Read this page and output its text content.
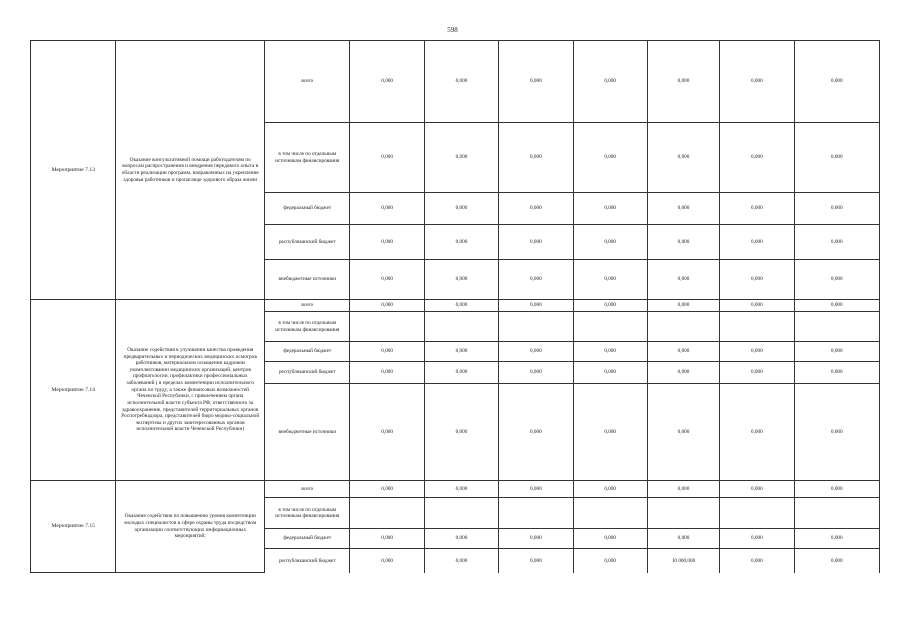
598
Мероприятие 7.13	Оказание консультативной помощи работодателям по вопросам распространения и внедрения передового опыта в области реализации программ, направленных на укрепление здоровья работников и пропаганде здорового образа жизни	всего	0,000	0,000	0,000	0,000	0,000	0,000	0,000
		в том числе по отдельным источникам финансирования	0,000	0,000	0,000	0,000	0,000	0,000	0,000
		федеральный бюджет	0,000	0,000	0,000	0,000	0,000	0,000	0,000
		республиканский бюджет	0,000	0,000	0,000	0,000	0,000	0,000	0,000
		внебюджетные источники	0,000	0,000	0,000	0,000	0,000	0,000	0,000
Мероприятие 7.14	Оказание содействия в улучшении качества проведения предварительных и периодических медицинских осмотров работников, материальном оснащении кадровом укомплектовании медицинских организаций, центров профпатологии, профилактики профессиональных заболеваний ( в пределах компетенции исполнительного органа по труду, а также финансовых возможностей Чеченской Республики, с привлечением органа исполнительной власти субъекта РФ, ответственного за здравоохранение, представителей территориальных органов Роспотребнадзора, представителей бюро медико-социальной экспертизы и других заинтересованных органов исполнительной власти Чеченской Республики)	всего	0,000	0,000	0,000	0,000	0,000	0,000	0,000
		в том числе по отдельным источникам финансирования							
		федеральный бюджет	0,000	0,000	0,000	0,000	0,000	0,000	0,000
		республиканский бюджет	0,000	0,000	0,000	0,000	0,000	0,000	0,000
		внебюджетные источники	0,000	0,000	0,000	0,000	0,000	0,000	0,000
Мероприятие 7.15	Оказание содействия по повышению уровня компетенции молодых специалистов в сфере охраны труда посредством организации соответствующих информационных мероприятий;	всего	0,000	0,000	0,000	0,000	0,000	0,000	0,000
		в том числе по отдельным источникам финансирования							
		федеральный бюджет	0,000	0,000	0,000	0,000	0,000	0,000	0,000
		республиканский бюджет	0,000	0,000	0,000	0,000	10 000,000	0,000	0,000
